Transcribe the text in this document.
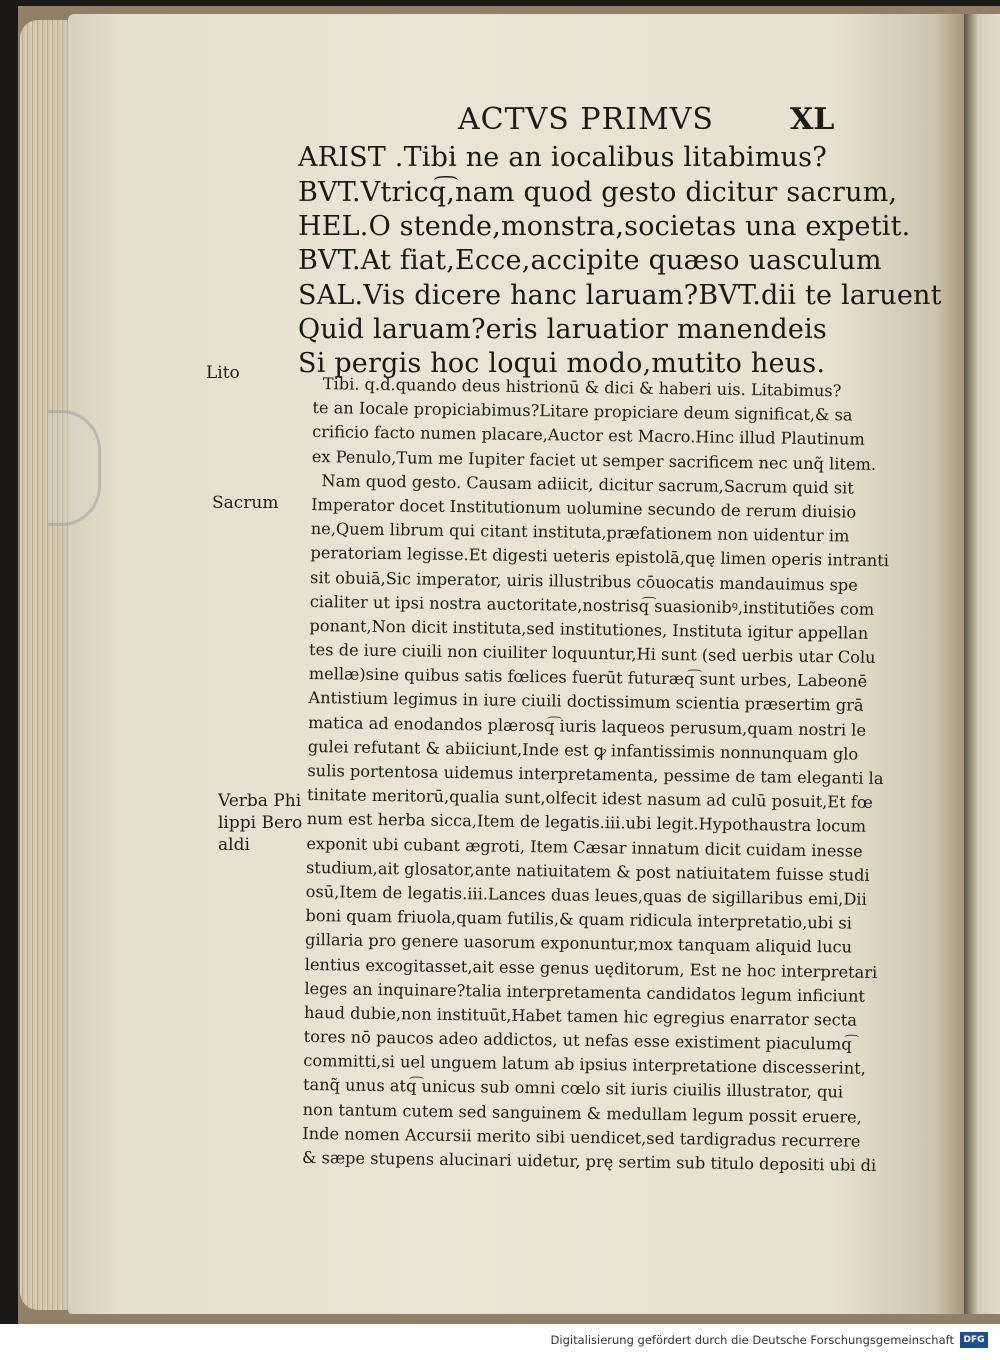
ACTVS PRIMVS	XL
ARIST .Tibi ne an iocalibus litabimus?
BVT.Vtricq͡,nam quod gesto dicitur sacrum,
HEL.O stende,monstra,societas una expetit.
BVT.At fiat,Ecce,accipite quæso uasculum
SAL.Vis dicere hanc laruam?BVT.dii te laruent
Quid laruam?eris laruatior manendeis
Si pergis hoc loqui modo,mutito heus.
Lito
Sacrum
Verba Phi
lippi Bero
aldi
Tibi. q.d.quando deus histrionū & dici & haberi uis. Litabimus?
te an Iocale propiciabimus?Litare propiciare deum significat,& sa
crificio facto numen placare,Auctor est Macro.Hinc illud Plautinum
ex Penulo,Tum me Iupiter faciet ut semper sacrificem nec unq̃ litem.
Nam quod gesto. Causam adiicit, dicitur sacrum,Sacrum quid sit
Imperator docet Institutionum uolumine secundo de rerum diuisio
ne,Quem librum qui citant instituta,præfationem non uidentur im
peratoriam legisse.Et digesti ueteris epistolā,quę limen operis intranti
sit obuiā,Sic imperator, uiris illustribus cōuocatis mandauimus spe
cialiter ut ipsi nostra auctoritate,nostrisq͡ suasionibꝰ,institutiões com
ponant,Non dicit instituta,sed institutiones, Instituta igitur appellan
tes de iure ciuili non ciuiliter loquuntur,Hi sunt (sed uerbis utar Colu
mellæ)sine quibus satis fœlices fuerūt futuræq͡ sunt urbes, Labeonē
Antistium legimus in iure ciuili doctissimum scientia præsertim grā
matica ad enodandos plærosq͡ iuris laqueos perusum,quam nostri le
gulei refutant & abiiciunt,Inde est ꝙ infantissimis nonnunquam glo
sulis portentosa uidemus interpretamenta, pessime de tam eleganti la
tinitate meritorū,qualia sunt,olfecit idest nasum ad culū posuit,Et fœ
num est herba sicca,Item de legatis.iii.ubi legit.Hypothaustra locum
exponit ubi cubant ægroti, Item Cæsar innatum dicit cuidam inesse
studium,ait glosator,ante natiuitatem & post natiuitatem fuisse studi
osū,Item de legatis.iii.Lances duas leues,quas de sigillaribus emi,Dii
boni quam friuola,quam futilis,& quam ridicula interpretatio,ubi si
gillaria pro genere uasorum exponuntur,mox tanquam aliquid lucu
lentius excogitasset,ait esse genus uęditorum, Est ne hoc interpretari
leges an inquinare?talia interpretamenta candidatos legum inficiunt
haud dubie,non instituūt,Habet tamen hic egregius enarrator secta
tores nō paucos adeo addictos, ut nefas esse existiment piaculumq͡
committi,si uel unguem latum ab ipsius interpretatione discesserint,
tanq̃ unus atq͡ unicus sub omni cœlo sit iuris ciuilis illustrator, qui
non tantum cutem sed sanguinem & medullam legum possit eruere,
Inde nomen Accursii merito sibi uendicet,sed tardigradus recurrere
& sæpe stupens alucinari uidetur, prę sertim sub titulo depositi ubi di
Digitalisierung gefördert durch die Deutsche Forschungsgemeinschaft	DFG
